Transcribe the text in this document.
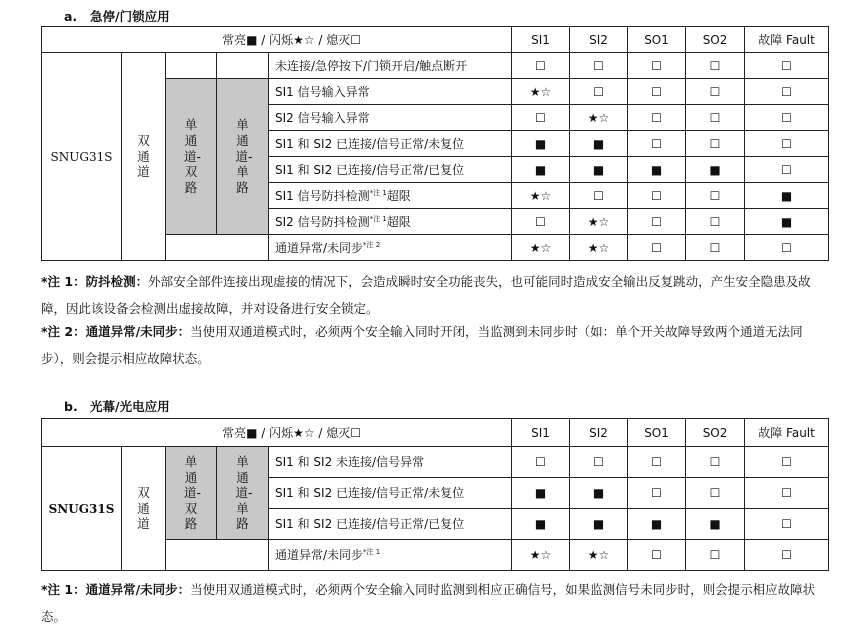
a. 急停/门锁应用
常亮■ / 闪烁★☆ / 熄灭☐					SI1	SI2	SO1	SO2	故障 Fault
SNUG31S	双通道			未连接/急停按下/门锁开启/触点断开	☐	☐	☐	☐	☐
		单通道-双路	单通道-单路	SI1 信号输入异常	★☆	☐	☐	☐	☐
				SI2 信号输入异常	☐	★☆	☐	☐	☐
				SI1 和 SI2 已连接/信号正常/未复位	■	■	☐	☐	☐
				SI1 和 SI2 已连接/信号正常/已复位	■	■	■	■	☐
				SI1 信号防抖检测$^{*注 1}$超限	★☆	☐	☐	☐	■
				SI2 信号防抖检测$^{*注 1}$超限	☐	★☆	☐	☐	■
				通道异常/未同步$^{*注 2}$	★☆	★☆	☐	☐	☐
*注 1：防抖检测：外部安全部件连接出现虚接的情况下，会造成瞬时安全功能丧失，也可能同时造成安全输出反复跳动，产生安全隐患及故障，因此该设备会检测出虚接故障，并对设备进行安全锁定。
*注 2：通道异常/未同步：当使用双通道模式时，必须两个安全输入同时开闭，当监测到未同步时（如：单个开关故障导致两个通道无法同步），则会提示相应故障状态。
b. 光幕/光电应用
常亮■ / 闪烁★☆ / 熄灭☐					SI1	SI2	SO1	SO2	故障 Fault
SNUG31S	双通道	单通道-双路	单通道-单路	SI1 和 SI2 未连接/信号异常	☐	☐	☐	☐	☐
				SI1 和 SI2 已连接/信号正常/未复位	■	■	☐	☐	☐
				SI1 和 SI2 已连接/信号正常/已复位	■	■	■	■	☐
				通道异常/未同步$^{*注 1}$	★☆	★☆	☐	☐	☐
*注 1：通道异常/未同步：当使用双通道模式时，必须两个安全输入同时监测到相应正确信号，如果监测信号未同步时，则会提示相应故障状态。
